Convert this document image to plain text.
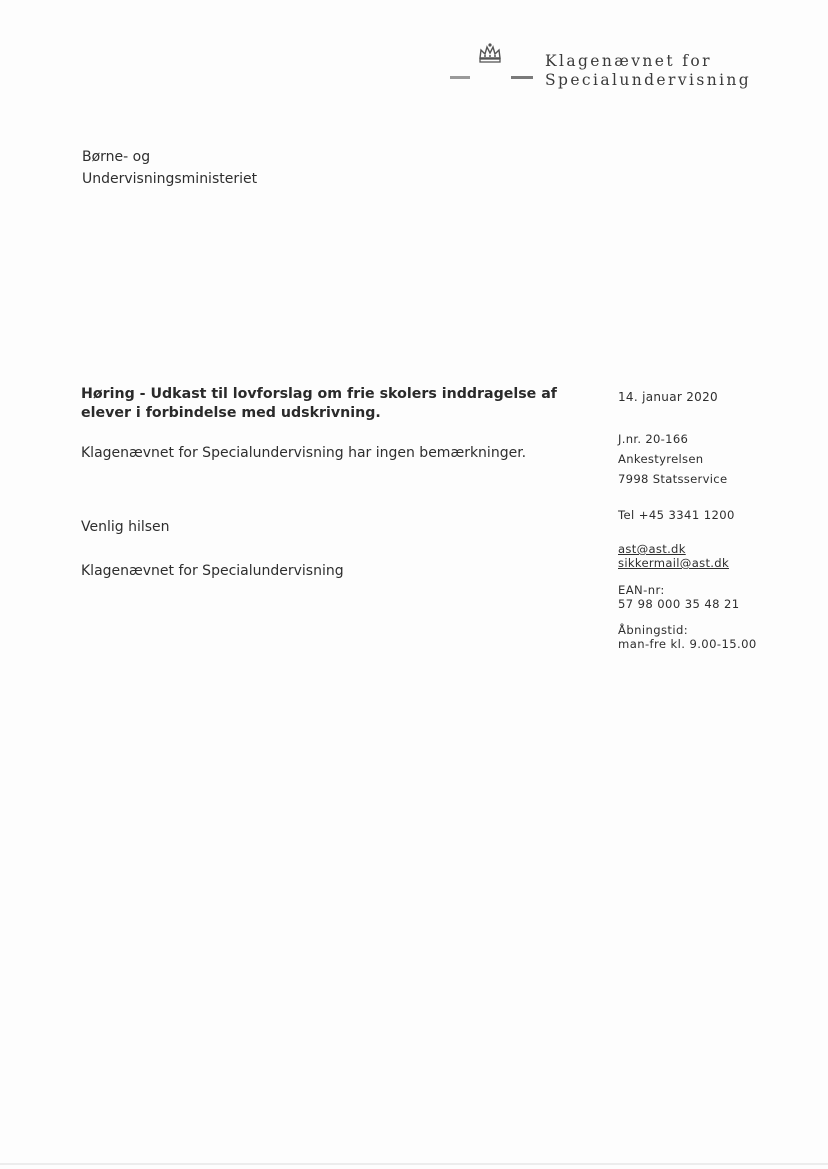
Klagenævnet for
Specialundervisning
Børne- og
Undervisningsministeriet
Høring - Udkast til lovforslag om frie skolers inddragelse af
elever i forbindelse med udskrivning.
Klagenævnet for Specialundervisning har ingen bemærkninger.
Venlig hilsen
Klagenævnet for Specialundervisning
14. januar 2020
J.nr. 20-166
Ankestyrelsen
7998 Statsservice
Tel +45 3341 1200
ast@ast.dk
sikkermail@ast.dk
EAN-nr:
57 98 000 35 48 21
Åbningstid:
man-fre kl. 9.00-15.00
